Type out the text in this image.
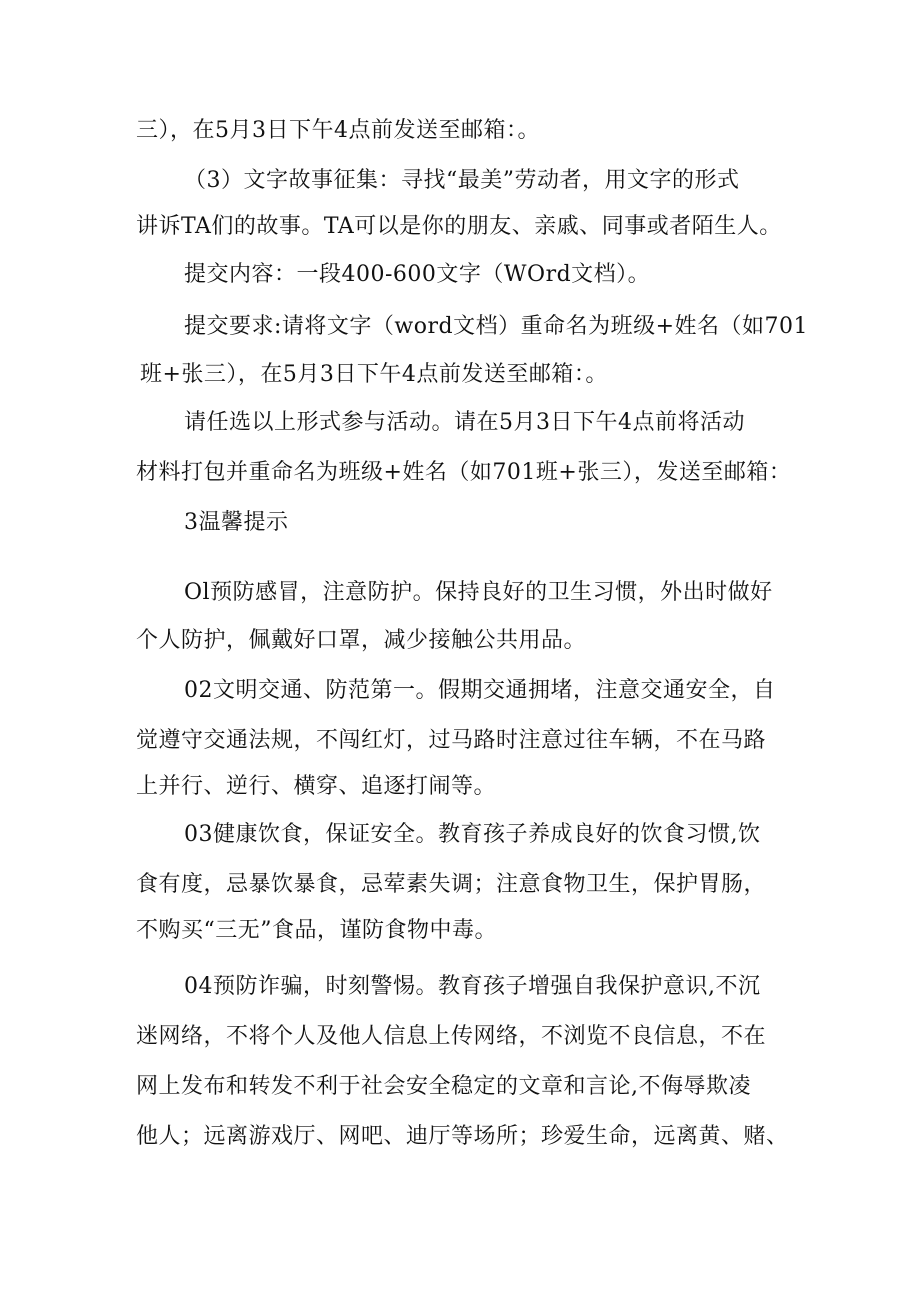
三），在5月3日下午4点前发送至邮箱：。
（3）文字故事征集：寻找“最美”劳动者，用文字的形式
讲诉TA们的故事。TA可以是你的朋友、亲戚、同事或者陌生人。
提交内容：一段400-600文字（WOrd文档）。
提交要求:请将文字（word文档）重命名为班级+姓名（如701
班+张三），在5月3日下午4点前发送至邮箱：。
请任选以上形式参与活动。请在5月3日下午4点前将活动
材料打包并重命名为班级+姓名（如701班+张三），发送至邮箱：
3温馨提示
Ol预防感冒，注意防护。保持良好的卫生习惯，外出时做好
个人防护，佩戴好口罩，减少接触公共用品。
02文明交通、防范第一。假期交通拥堵，注意交通安全，自
觉遵守交通法规，不闯红灯，过马路时注意过往车辆，不在马路
上并行、逆行、横穿、追逐打闹等。
03健康饮食，保证安全。教育孩子养成良好的饮食习惯,饮
食有度，忌暴饮暴食，忌荤素失调；注意食物卫生，保护胃肠，
不购买“三无”食品，谨防食物中毒。
04预防诈骗，时刻警惕。教育孩子增强自我保护意识,不沉
迷网络，不将个人及他人信息上传网络，不浏览不良信息，不在
网上发布和转发不利于社会安全稳定的文章和言论,不侮辱欺凌
他人；远离游戏厅、网吧、迪厅等场所；珍爱生命，远离黄、赌、
